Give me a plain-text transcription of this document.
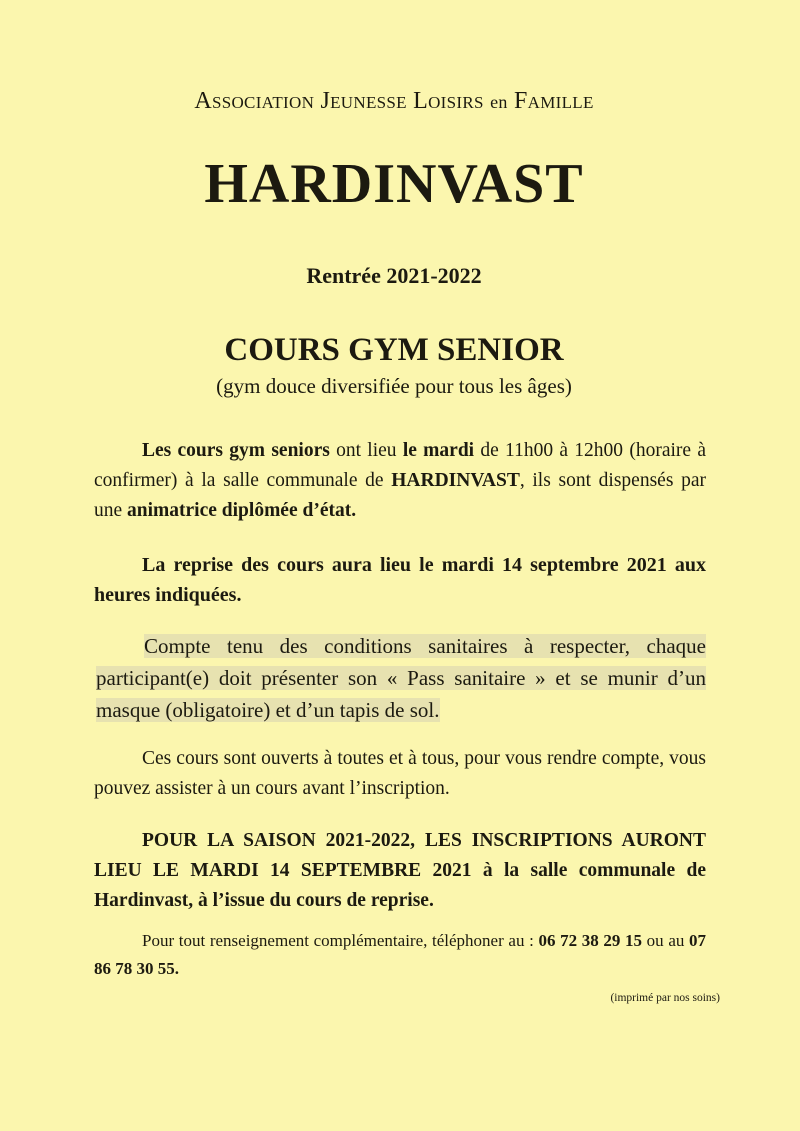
Association Jeunesse Loisirs en Famille
HARDINVAST
Rentrée 2021-2022
COURS GYM SENIOR
(gym douce diversifiée pour tous les âges)
Les cours gym seniors ont lieu le mardi de 11h00 à 12h00 (horaire à confirmer) à la salle communale de HARDINVAST, ils sont dispensés par une animatrice diplômée d’état.
La reprise des cours aura lieu le mardi 14 septembre 2021 aux heures indiquées.
Compte tenu des conditions sanitaires à respecter, chaque participant(e) doit présenter son « Pass sanitaire » et se munir d’un masque (obligatoire) et d’un tapis de sol.
Ces cours sont ouverts à toutes et à tous, pour vous rendre compte, vous pouvez assister à un cours avant l’inscription.
POUR LA SAISON 2021-2022, LES INSCRIPTIONS AURONT LIEU LE MARDI 14 SEPTEMBRE 2021 à la salle communale de Hardinvast, à l’issue du cours de reprise.
Pour tout renseignement complémentaire, téléphoner au : 06 72 38 29 15 ou au 07 86 78 30 55.
(imprimé par nos soins)
